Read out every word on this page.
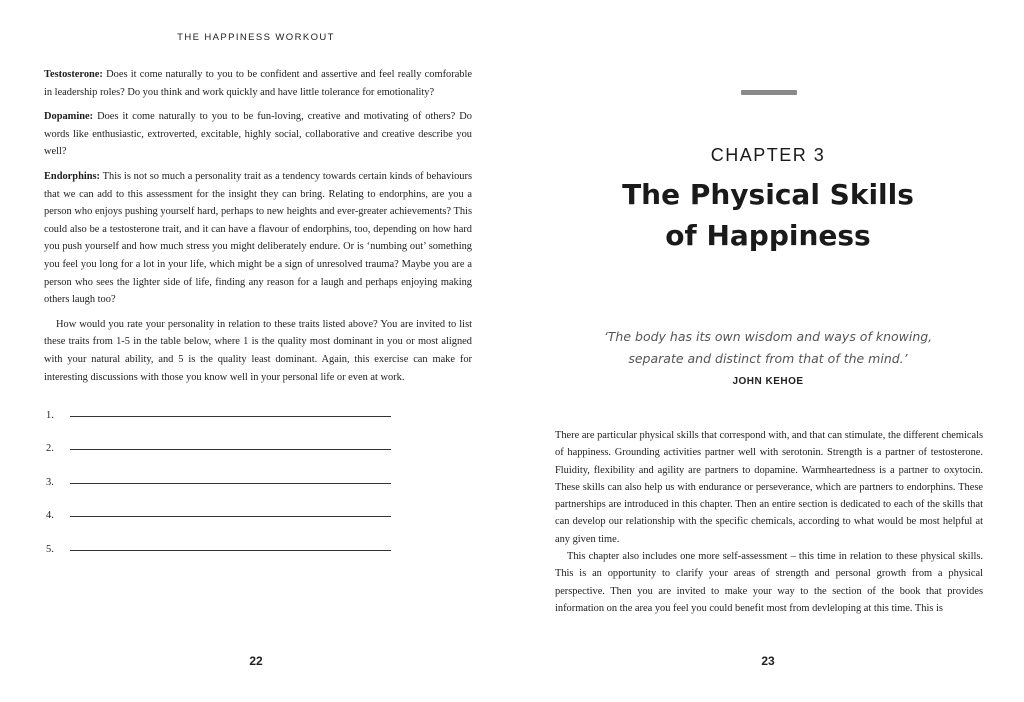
THE HAPPINESS WORKOUT

Testosterone: Does it come naturally to you to be confident and assertive and feel really comforable in leadership roles? Do you think and work quickly and have little tolerance for emotionality?

Dopamine: Does it come naturally to you to be fun-loving, creative and motivating of others? Do words like enthusiastic, extroverted, excitable, highly social, collaborative and creative describe you well?

Endorphins: This is not so much a personality trait as a tendency towards certain kinds of behaviours that we can add to this assessment for the insight they can bring. Relating to endorphins, are you a person who enjoys pushing yourself hard, perhaps to new heights and ever-greater achievements? This could also be a testosterone trait, and it can have a flavour of endorphins, too, depending on how hard you push yourself and how much stress you might deliberately endure. Or is ‘numbing out’ something you feel you long for a lot in your life, which might be a sign of unresolved trauma? Maybe you are a person who sees the lighter side of life, finding any reason for a laugh and perhaps enjoying making others laugh too?

How would you rate your personality in relation to these traits listed above? You are invited to list these traits from 1-5 in the table below, where 1 is the quality most dominant in you or most aligned with your natural ability, and 5 is the quality least dominant. Again, this exercise can make for interesting discussions with those you know well in your personal life or even at work.

1.
2.
3.
4.
5.
22
CHAPTER 3
The Physical Skills
of Happiness
‘The body has its own wisdom and ways of knowing,
separate and distinct from that of the mind.’
JOHN KEHOE

There are particular physical skills that correspond with, and that can stimulate, the different chemicals of happiness. Grounding activities partner well with serotonin. Strength is a partner of testosterone. Fluidity, flexibility and agility are partners to dopamine. Warmheartedness is a partner to oxytocin. These skills can also help us with endurance or perseverance, which are partners to endorphins. These partnerships are introduced in this chapter. Then an entire section is dedicated to each of the skills that can develop our relationship with the specific chemicals, according to what would be most helpful at any given time.

This chapter also includes one more self-assessment – this time in relation to these physical skills. This is an opportunity to clarify your areas of strength and personal growth from a physical perspective. Then you are invited to make your way to the section of the book that provides information on the area you feel you could benefit most from devleloping at this time. This is

23
